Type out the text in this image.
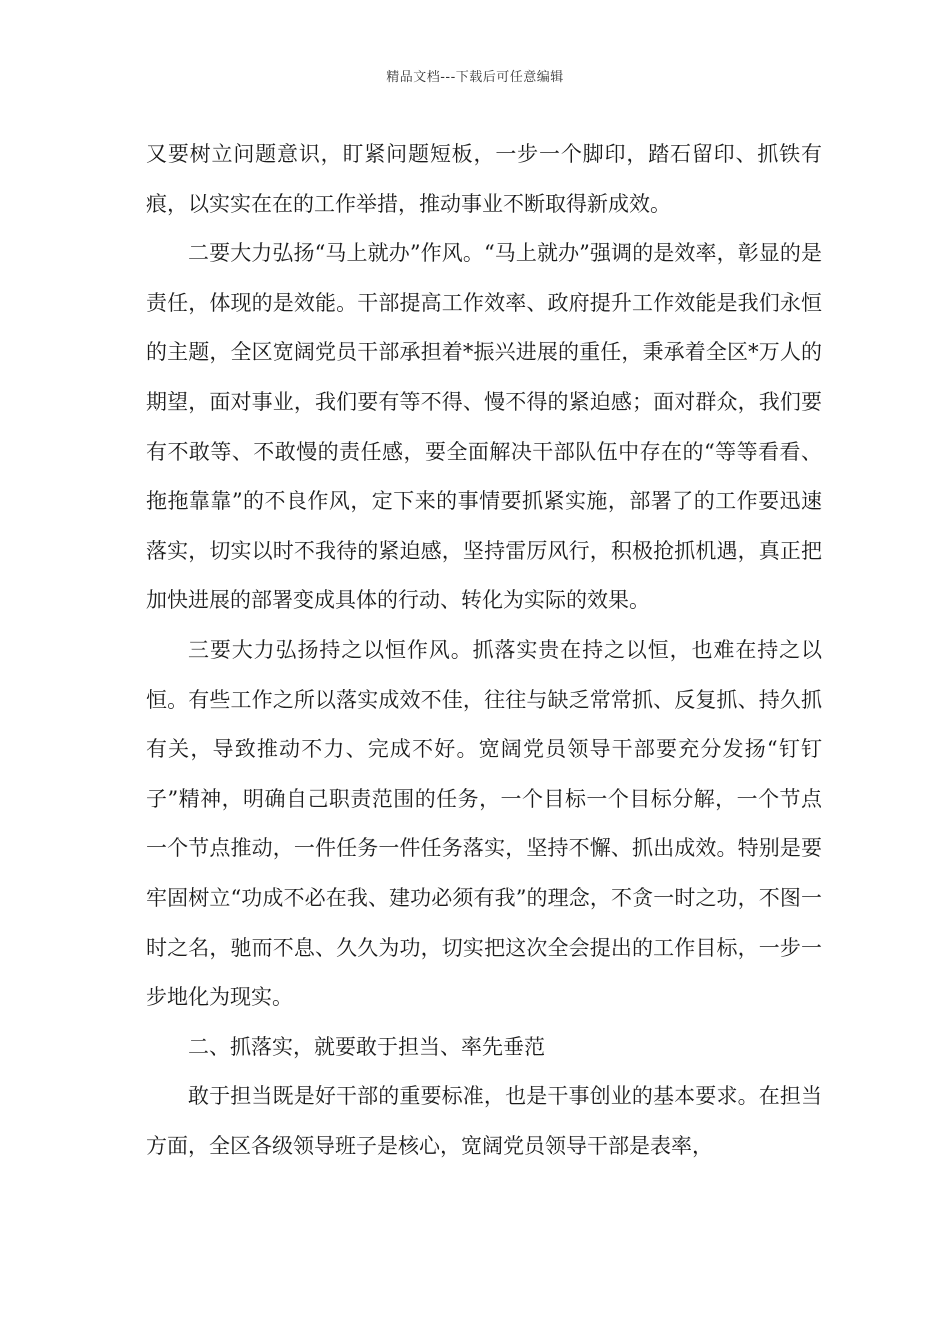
精品文档---下载后可任意编辑

又要树立问题意识，盯紧问题短板，一步一个脚印，踏石留印、抓铁有痕，以实实在在的工作举措，推动事业不断取得新成效。

二要大力弘扬“马上就办”作风。“马上就办”强调的是效率，彰显的是责任，体现的是效能。干部提高工作效率、政府提升工作效能是我们永恒的主题，全区宽阔党员干部承担着*振兴进展的重任，秉承着全区*万人的期望，面对事业，我们要有等不得、慢不得的紧迫感；面对群众，我们要有不敢等、不敢慢的责任感，要全面解决干部队伍中存在的“等等看看、拖拖靠靠”的不良作风，定下来的事情要抓紧实施，部署了的工作要迅速落实，切实以时不我待的紧迫感，坚持雷厉风行，积极抢抓机遇，真正把加快进展的部署变成具体的行动、转化为实际的效果。

三要大力弘扬持之以恒作风。抓落实贵在持之以恒，也难在持之以恒。有些工作之所以落实成效不佳，往往与缺乏常常抓、反复抓、持久抓有关，导致推动不力、完成不好。宽阔党员领导干部要充分发扬“钉钉子”精神，明确自己职责范围的任务，一个目标一个目标分解，一个节点一个节点推动，一件任务一件任务落实，坚持不懈、抓出成效。特别是要牢固树立“功成不必在我、建功必须有我”的理念，不贪一时之功，不图一时之名，驰而不息、久久为功，切实把这次全会提出的工作目标，一步一步地化为现实。

二、抓落实，就要敢于担当、率先垂范

敢于担当既是好干部的重要标准，也是干事创业的基本要求。在担当方面，全区各级领导班子是核心，宽阔党员领导干部是表率，
